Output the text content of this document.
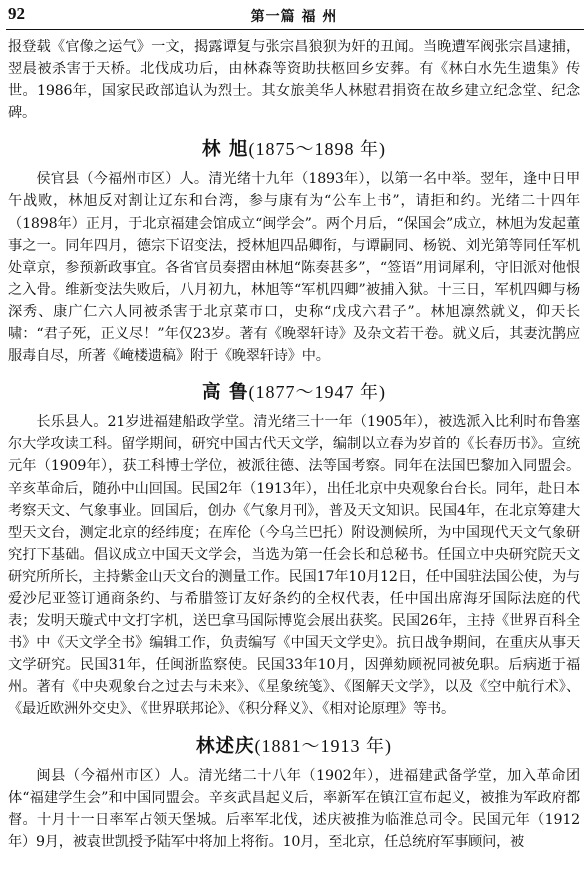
92	第一篇 福 州

报登载《官像之运气》一文，揭露谭复与张宗昌狼狈为奸的丑闻。当晚遭军阀张宗昌逮捕，翌晨被杀害于天桥。北伐成功后，由林森等资助扶柩回乡安葬。有《林白水先生遗集》传世。1986年，国家民政部追认为烈士。其女旅美华人林慰君捐资在故乡建立纪念堂、纪念碑。

林 旭(1875～1898 年)

侯官县（今福州市区）人。清光绪十九年（1893年），以第一名中举。翌年，逢中日甲午战败，林旭反对割让辽东和台湾，参与康有为“公车上书”，请拒和约。光绪二十四年（1898年）正月，于北京福建会馆成立“闽学会”。两个月后，“保国会”成立，林旭为发起董事之一。同年四月，德宗下诏变法，授林旭四品卿衔，与谭嗣同、杨锐、刘光第等同任军机处章京，参预新政事宜。各省官员奏摺由林旭“陈奏甚多”，“签语”用词犀利，守旧派对他恨之入骨。维新变法失败后，八月初九，林旭等“军机四卿”被捕入狱。十三日，军机四卿与杨深秀、康广仁六人同被杀害于北京菜市口，史称“戊戌六君子”。林旭凛然就义，仰天长啸：“君子死，正义尽！”年仅23岁。著有《晚翠轩诗》及杂文若干卷。就义后，其妻沈鹊应服毒自尽，所著《崦楼遗稿》附于《晚翠轩诗》中。

高 鲁(1877～1947 年)

长乐县人。21岁进福建船政学堂。清光绪三十一年（1905年），被选派入比利时布鲁塞尔大学攻读工科。留学期间，研究中国古代天文学，编制以立春为岁首的《长春历书》。宣统元年（1909年），获工科博士学位，被派往德、法等国考察。同年在法国巴黎加入同盟会。辛亥革命后，随孙中山回国。民国2年（1913年），出任北京中央观象台台长。同年，赴日本考察天文、气象事业。回国后，创办《气象月刊》，普及天文知识。民国4年，在北京筹建大型天文台，测定北京的经纬度；在库伦（今乌兰巴托）附设测候所，为中国现代天文气象研究打下基础。倡议成立中国天文学会，当选为第一任会长和总秘书。任国立中央研究院天文研究所所长，主持紫金山天文台的测量工作。民国17年10月12日，任中国驻法国公使，为与爱沙尼亚签订通商条约、与希腊签订友好条约的全权代表，任中国出席海牙国际法庭的代表；发明天璇式中文打字机，送巴拿马国际博览会展出获奖。民国26年，主持《世界百科全书》中《天文学全书》编辑工作，负责编写《中国天文学史》。抗日战争期间，在重庆从事天文学研究。民国31年，任闽浙监察使。民国33年10月，因弹劾顾祝同被免职。后病逝于福州。著有《中央观象台之过去与未来》、《星象统笺》、《图解天文学》，以及《空中航行术》、《最近欧洲外交史》、《世界联邦论》、《积分释义》、《相对论原理》等书。

林述庆(1881～1913 年)

闽县（今福州市区）人。清光绪二十八年（1902年），进福建武备学堂，加入革命团体“福建学生会”和中国同盟会。辛亥武昌起义后，率新军在镇江宣布起义，被推为军政府都督。十月十一日率军占领天堡城。后率军北伐，述庆被推为临淮总司令。民国元年（1912年）9月，被袁世凯授予陆军中将加上将衔。10月，至北京，任总统府军事顾问，被
